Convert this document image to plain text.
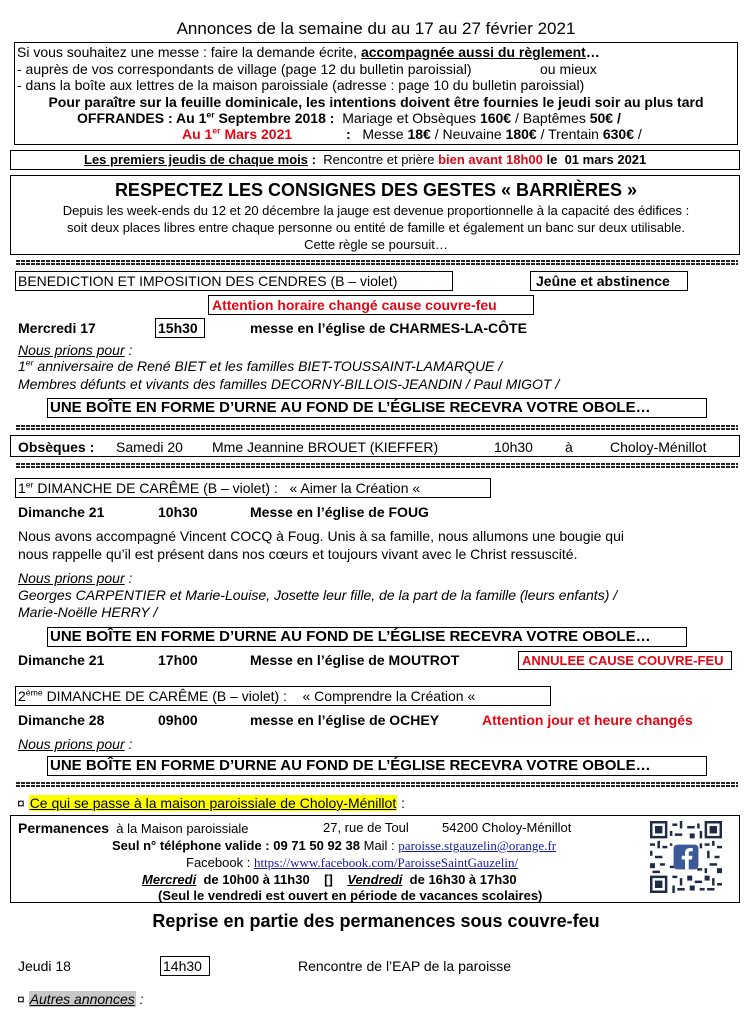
Annonces de la semaine du au 17 au 27 février 2021
Si vous souhaitez une messe : faire la demande écrite, accompagnée aussi du règlement…
- auprès de vos correspondants de village (page 12 du bulletin paroissial)	ou mieux
- dans la boîte aux lettres de la maison paroissiale (adresse : page 10 du bulletin paroissial)
Pour paraître sur la feuille dominicale, les intentions doivent être fournies le jeudi soir au plus tard
OFFRANDES : Au 1er Septembre 2018 : Mariage et Obsèques 160€ / Baptêmes 50€ /
Au 1er Mars 2021	: Messe 18€ / Neuvaine 180€ / Trentain 630€ /
Les premiers jeudis de chaque mois : Rencontre et prière bien avant 18h00 le 01 mars 2021
RESPECTEZ LES CONSIGNES DES GESTES « BARRIÈRES »
Depuis les week-ends du 12 et 20 décembre la jauge est devenue proportionnelle à la capacité des édifices :
soit deux places libres entre chaque personne ou entité de famille et également un banc sur deux utilisable.
Cette règle se poursuit…
BENEDICTION ET IMPOSITION DES CENDRES (B – violet)	Jeûne et abstinence
Attention horaire changé cause couvre-feu
Mercredi 17	15h30	messe en l’église de CHARMES-LA-CÔTE
Nous prions pour :
1er anniversaire de René BIET et les familles BIET-TOUSSAINT-LAMARQUE /
Membres défunts et vivants des familles DECORNY-BILLOIS-JEANDIN / Paul MIGOT /
UNE BOÎTE EN FORME D’URNE AU FOND DE L’ÉGLISE RECEVRA VOTRE OBOLE…
Obsèques : Samedi 20 Mme Jeannine BROUET (KIEFFER)	10h30 à	Choloy-Ménillot
1er DIMANCHE DE CARÊME (B – violet) : « Aimer la Création «
Dimanche 21	10h30	Messe en l’église de FOUG
Nous avons accompagné Vincent COCQ à Foug. Unis à sa famille, nous allumons une bougie qui
nous rappelle qu’il est présent dans nos cœurs et toujours vivant avec le Christ ressuscité.
Nous prions pour :
Georges CARPENTIER et Marie-Louise, Josette leur fille, de la part de la famille (leurs enfants) /
Marie-Noëlle HERRY /
UNE BOÎTE EN FORME D’URNE AU FOND DE L’ÉGLISE RECEVRA VOTRE OBOLE…
Dimanche 21	17h00	Messe en l’église de MOUTROT	ANNULEE CAUSE COUVRE-FEU
2ème DIMANCHE DE CARÊME (B – violet) : « Comprendre la Création «
Dimanche 28	09h00	messe en l’église de OCHEY	Attention jour et heure changés
Nous prions pour :
UNE BOÎTE EN FORME D’URNE AU FOND DE L’ÉGLISE RECEVRA VOTRE OBOLE…
¤ Ce qui se passe à la maison paroissiale de Choloy-Ménillot :
Permanences à la Maison paroissiale	27, rue de Toul	54200 Choloy-Ménillot
Seul n° téléphone valide : 09 71 50 92 38 Mail : paroisse.stgauzelin@orange.fr
Facebook : https://www.facebook.com/ParoisseSaintGauzelin/
Mercredi de 10h00 à 11h30 [] Vendredi de 16h30 à 17h30
(Seul le vendredi est ouvert en période de vacances scolaires)
Reprise en partie des permanences sous couvre-feu
Jeudi 18	14h30	Rencontre de l’EAP de la paroisse
¤ Autres annonces :
